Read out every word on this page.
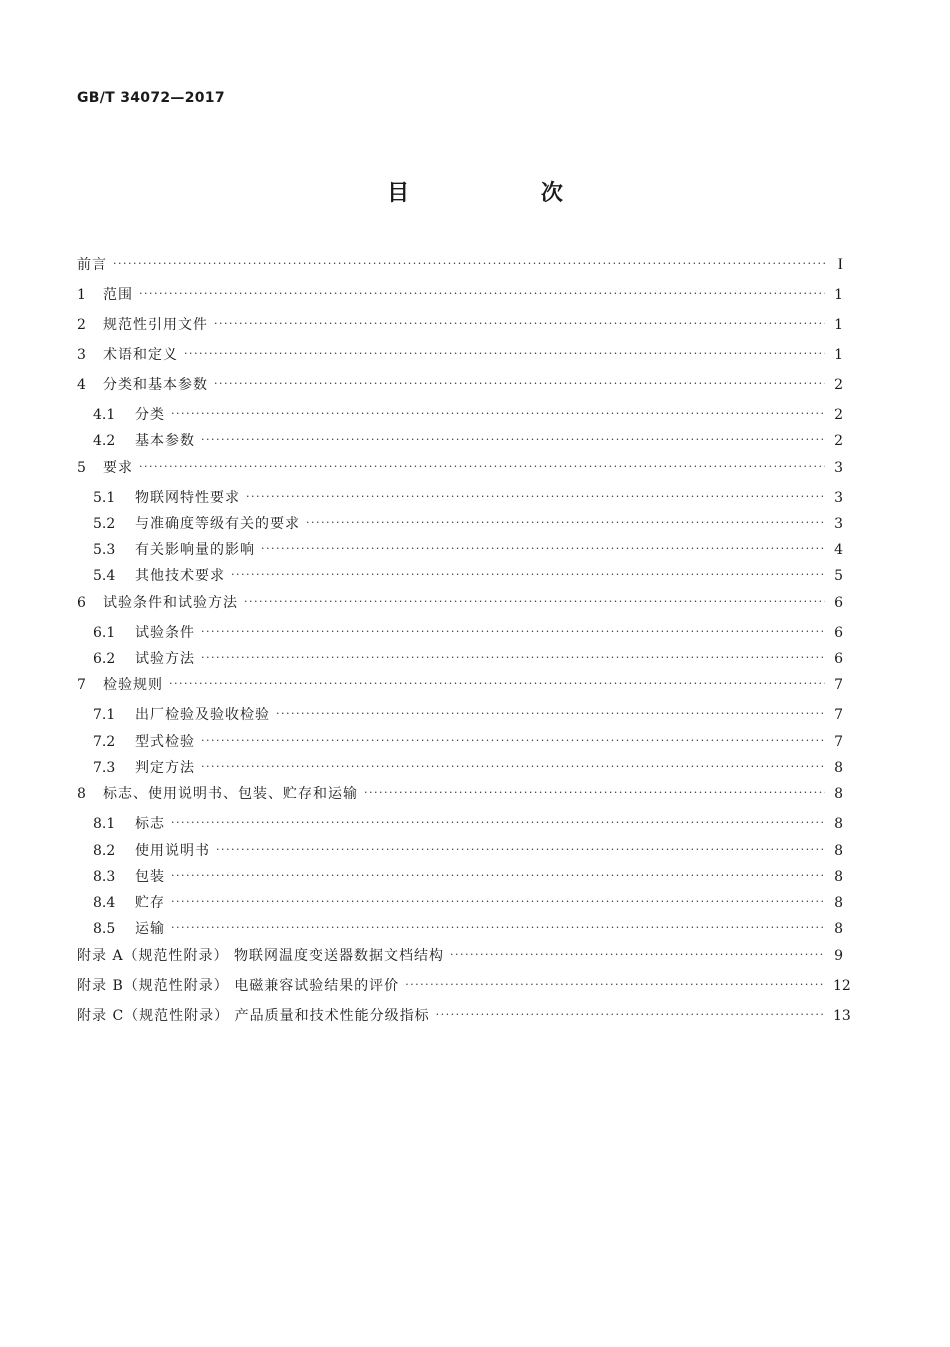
GB/T 34072—2017
目 次
前言 ·····	I
1	范围 ·····	1
2	规范性引用文件 ·····	1
3	术语和定义 ·····	1
4	分类和基本参数 ·····	2
4.1	分类 ·····	2
4.2	基本参数 ·····	2
5	要求 ·····	3
5.1	物联网特性要求 ·····	3
5.2	与准确度等级有关的要求 ·····	3
5.3	有关影响量的影响 ·····	4
5.4	其他技术要求 ·····	5
6	试验条件和试验方法 ·····	6
6.1	试验条件 ·····	6
6.2	试验方法 ·····	6
7	检验规则 ·····	7
7.1	出厂检验及验收检验 ·····	7
7.2	型式检验 ·····	7
7.3	判定方法 ·····	8
8	标志、使用说明书、包装、贮存和运输 ·····	8
8.1	标志 ·····	8
8.2	使用说明书 ·····	8
8.3	包装 ·····	8
8.4	贮存 ·····	8
8.5	运输 ·····	8
附录 A（规范性附录） 物联网温度变送器数据文档结构 ·····	9
附录 B（规范性附录） 电磁兼容试验结果的评价 ·····	12
附录 C（规范性附录） 产品质量和技术性能分级指标 ·····	13
